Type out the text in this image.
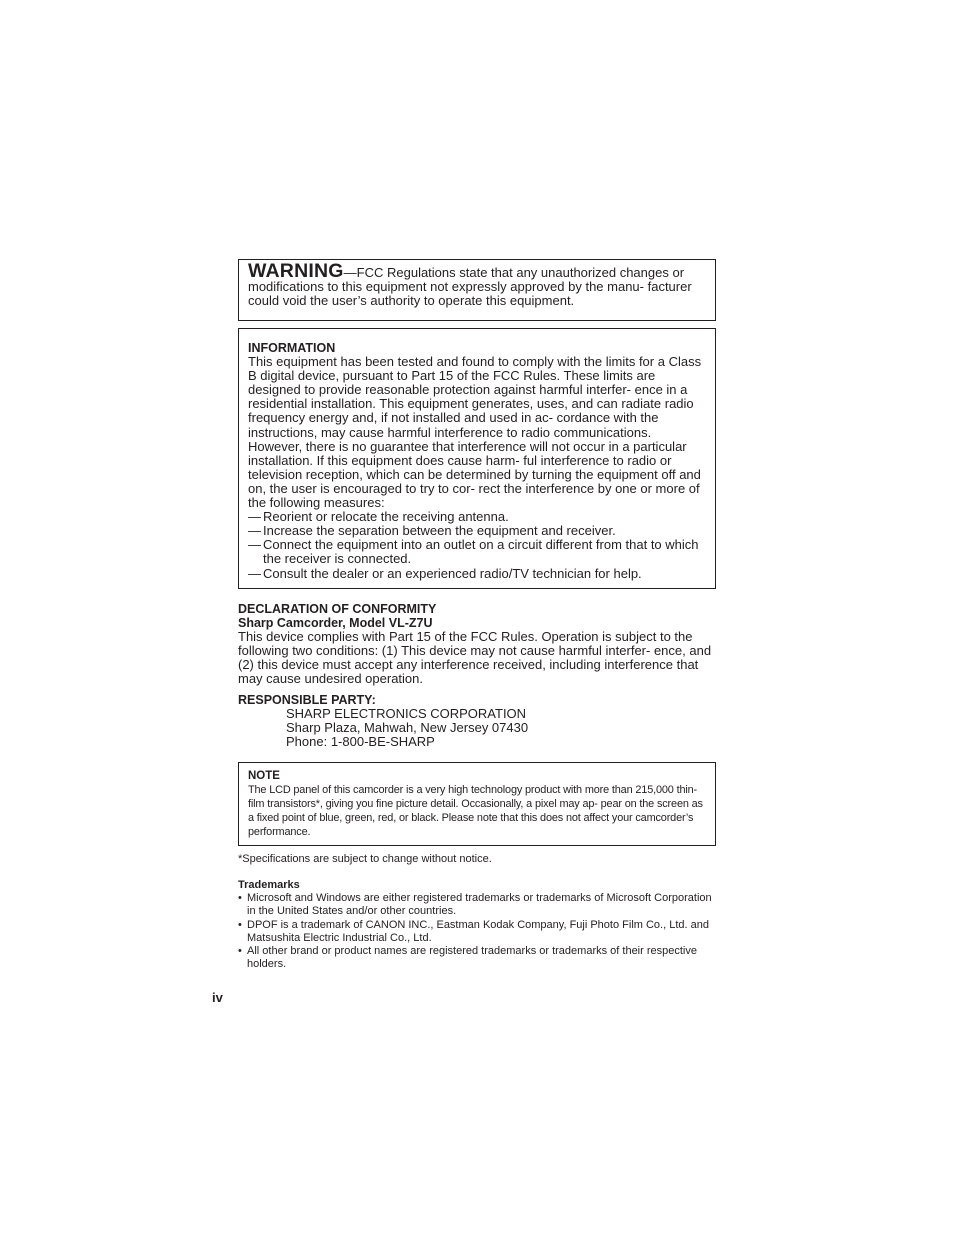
WARNING—FCC Regulations state that any unauthorized changes or modifications to this equipment not expressly approved by the manu- facturer could void the user’s authority to operate this equipment.

INFORMATION

This equipment has been tested and found to comply with the limits for a Class B digital device, pursuant to Part 15 of the FCC Rules. These limits are designed to provide reasonable protection against harmful interfer- ence in a residential installation. This equipment generates, uses, and can radiate radio frequency energy and, if not installed and used in ac- cordance with the instructions, may cause harmful interference to radio communications. However, there is no guarantee that interference will not occur in a particular installation. If this equipment does cause harm- ful interference to radio or television reception, which can be determined by turning the equipment off and on, the user is encouraged to try to cor- rect the interference by one or more of the following measures:

— Reorient or relocate the receiving antenna.
— Increase the separation between the equipment and receiver.
— Connect the equipment into an outlet on a circuit different from that to which the receiver is connected.
— Consult the dealer or an experienced radio/TV technician for help.
DECLARATION OF CONFORMITY
Sharp Camcorder, Model VL-Z7U

This device complies with Part 15 of the FCC Rules. Operation is subject to the following two conditions: (1) This device may not cause harmful interfer- ence, and (2) this device must accept any interference received, including interference that may cause undesired operation.

RESPONSIBLE PARTY:
SHARP ELECTRONICS CORPORATION
Sharp Plaza, Mahwah, New Jersey 07430
Phone: 1-800-BE-SHARP
NOTE

The LCD panel of this camcorder is a very high technology product with more than 215,000 thin-film transistors*, giving you fine picture detail. Occasionally, a pixel may ap- pear on the screen as a fixed point of blue, green, red, or black. Please note that this does not affect your camcorder’s performance.

*Specifications are subject to change without notice.

Trademarks
• Microsoft and Windows are either registered trademarks or trademarks of Microsoft Corporation in the United States and/or other countries.
• DPOF is a trademark of CANON INC., Eastman Kodak Company, Fuji Photo Film Co., Ltd. and Matsushita Electric Industrial Co., Ltd.
• All other brand or product names are registered trademarks or trademarks of their respective holders.

iv
